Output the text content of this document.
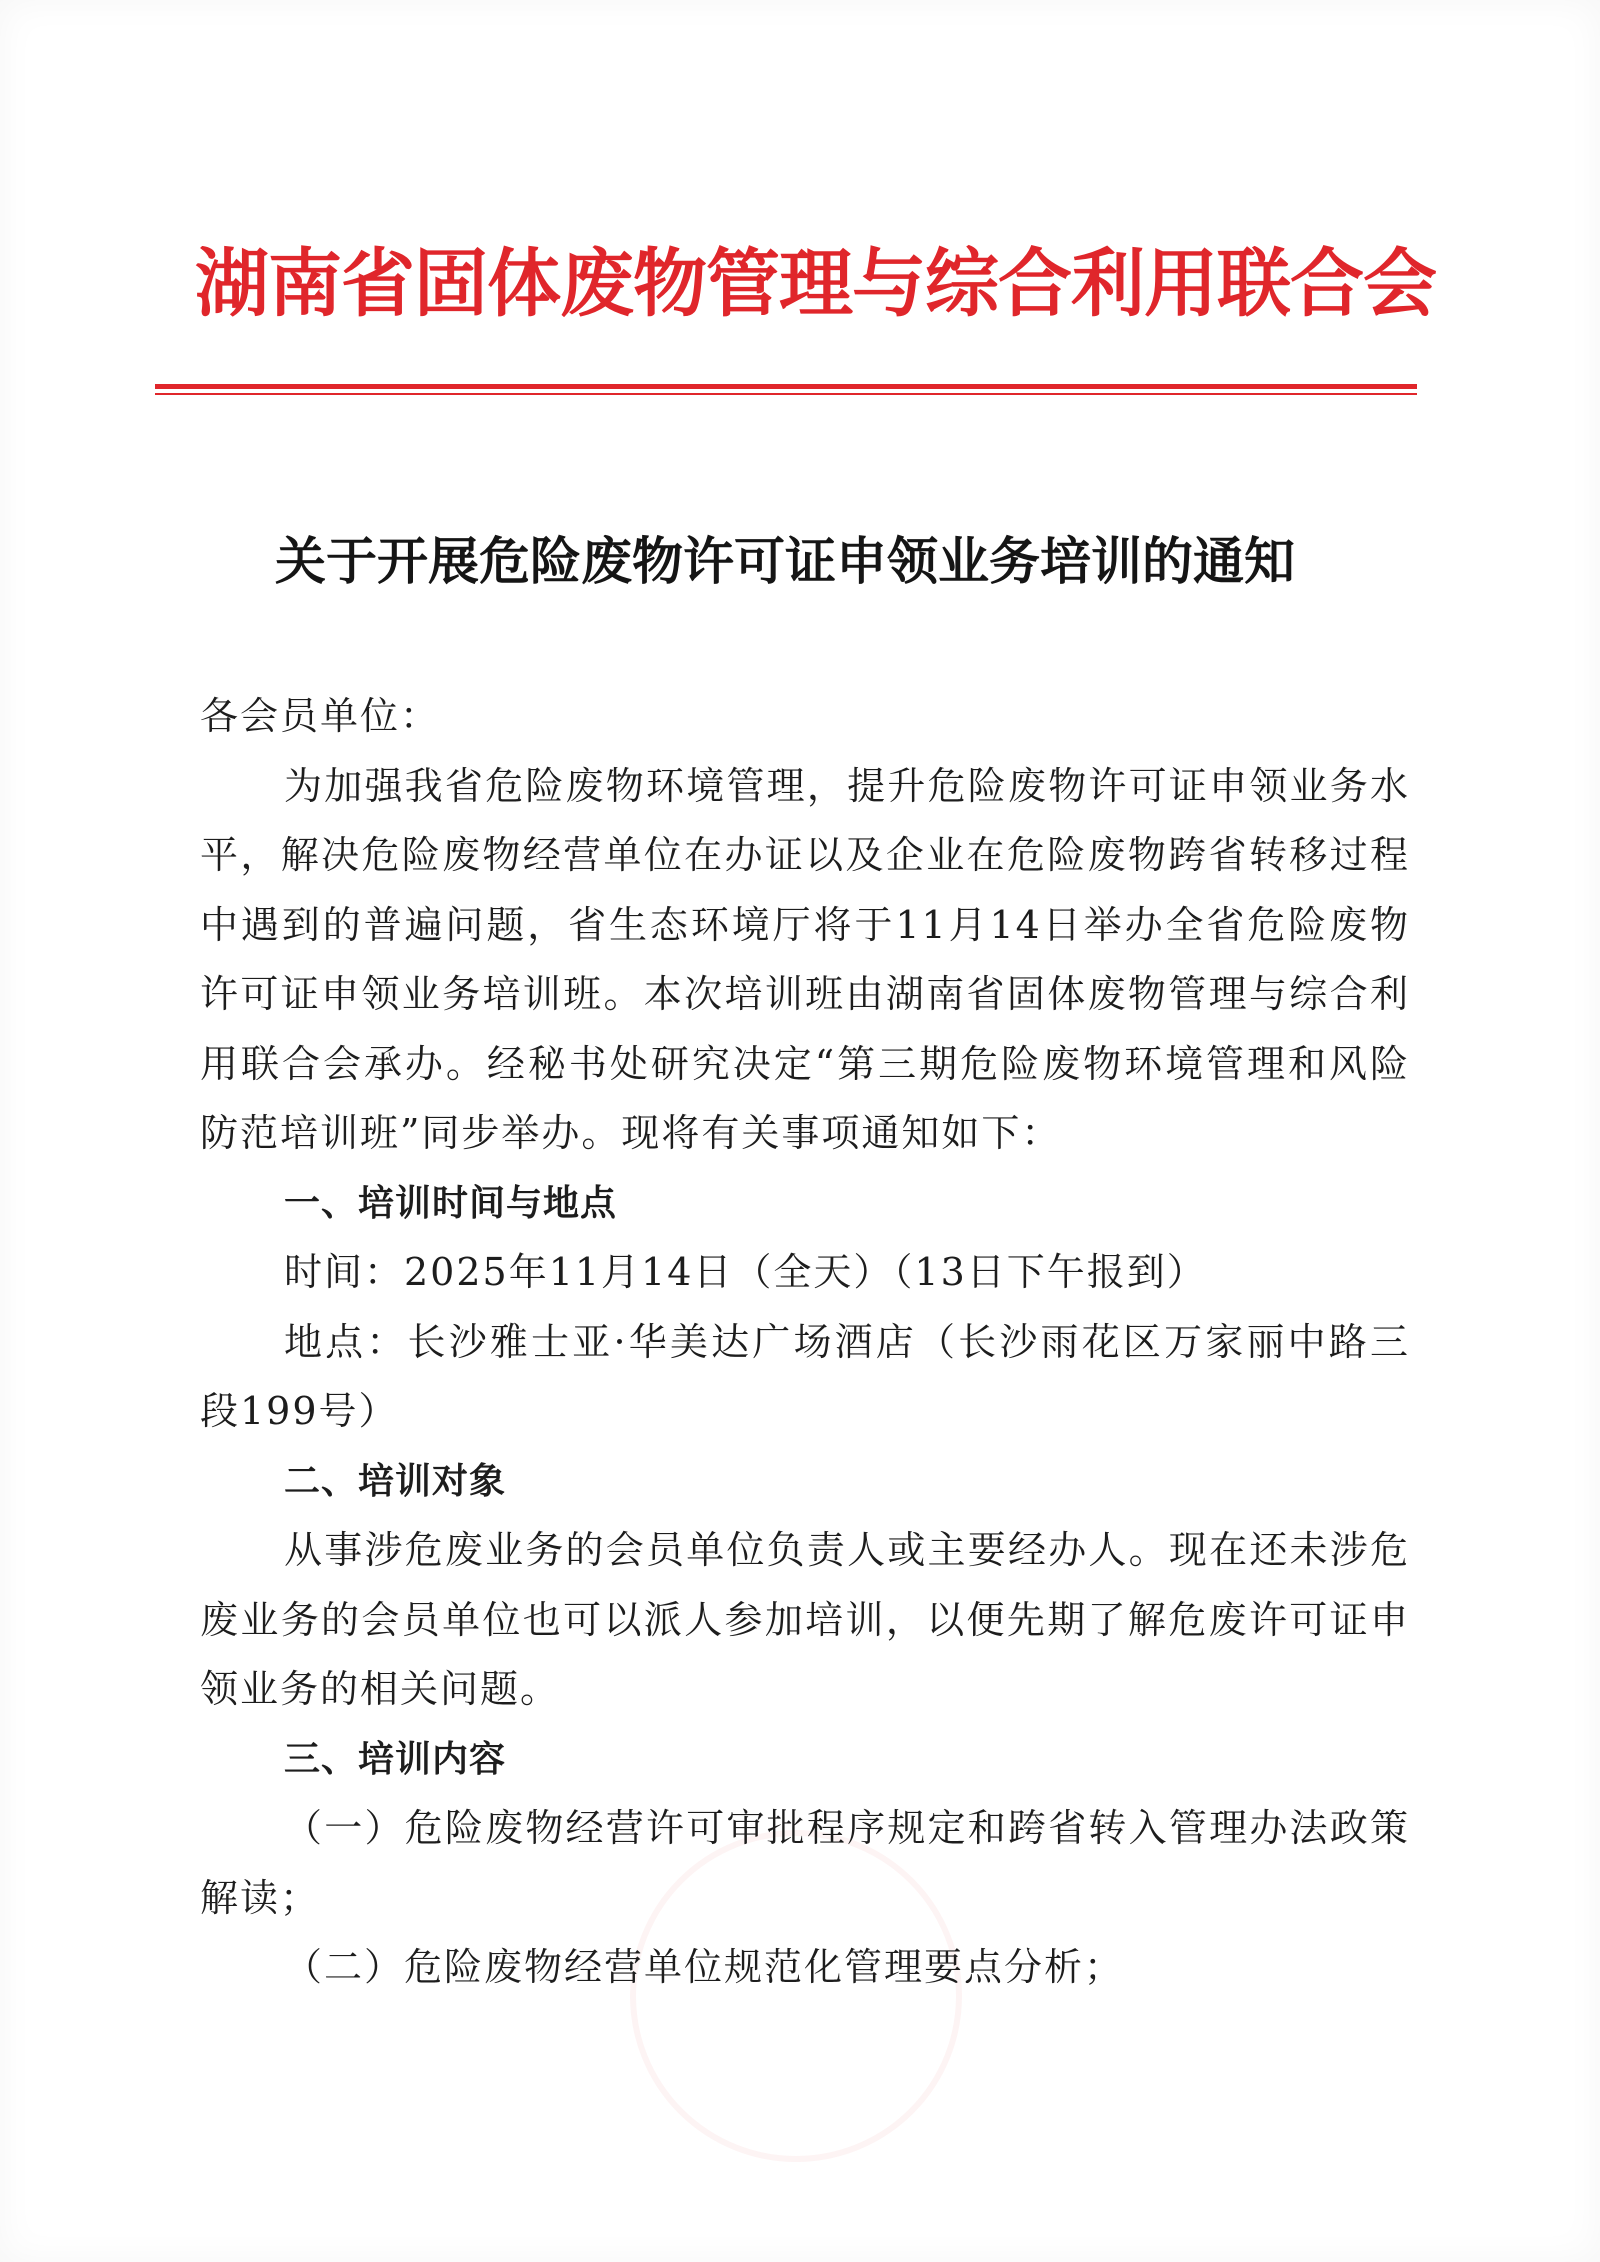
湖南省固体废物管理与综合利用联合会
关于开展危险废物许可证申领业务培训的通知

各会员单位：

为加强我省危险废物环境管理，提升危险废物许可证申领业务水平，解决危险废物经营单位在办证以及企业在危险废物跨省转移过程中遇到的普遍问题，省生态环境厅将于11月14日举办全省危险废物许可证申领业务培训班。本次培训班由湖南省固体废物管理与综合利用联合会承办。经秘书处研究决定“第三期危险废物环境管理和风险防范培训班”同步举办。现将有关事项通知如下：

一、培训时间与地点

时间：2025年11月14日（全天）（13日下午报到）

地点：长沙雅士亚·华美达广场酒店（长沙雨花区万家丽中路三段199号）

二、培训对象

从事涉危废业务的会员单位负责人或主要经办人。现在还未涉危废业务的会员单位也可以派人参加培训，以便先期了解危废许可证申领业务的相关问题。

三、培训内容

（一）危险废物经营许可审批程序规定和跨省转入管理办法政策解读；

（二）危险废物经营单位规范化管理要点分析；
